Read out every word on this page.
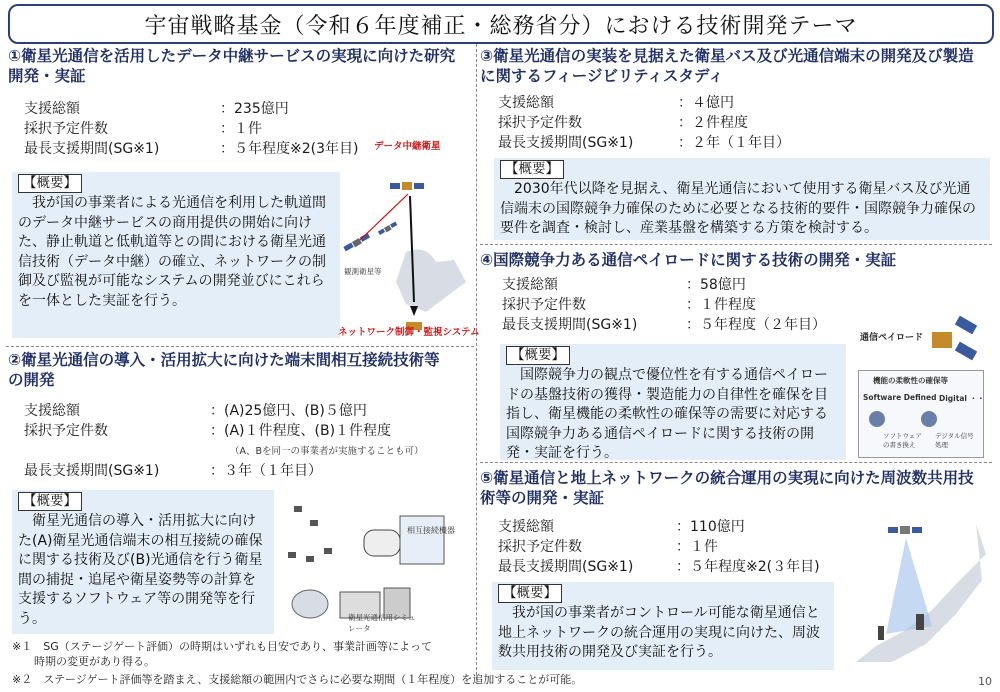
宇宙戦略基金（令和６年度補正・総務省分）における技術開発テーマ

①衛星光通信を活用したデータ中継サービスの実現に向けた研究開発・実証

支援総額	：235億円
採択予定件数	：１件
最長支援期間(SG※1)	：５年程度※2(3年目)
【概要】
我が国の事業者による光通信を利用した軌道間のデータ中継サービスの商用提供の開始に向けた、静止軌道と低軌道等との間における衛星光通信技術（データ中継）の確立、ネットワークの制御及び監視が可能なシステムの開発並びにこれらを一体とした実証を行う。
データ中継衛星
観測衛星等
ネットワーク制御・監視システム

②衛星光通信の導入・活用拡大に向けた端末間相互接続技術等の開発

支援総額	：(A)25億円、(B)５億円
採択予定件数	：(A)１件程度、(B)１件程度
最長支援期間(SG※1)	：３年（１年目）
（A、Bを同一の事業者が実施することも可）
【概要】
衛星光通信の導入・活用拡大に向けた(A)衛星光通信端末の相互接続の確保に関する技術及び(B)光通信を行う衛星間の捕捉・追尾や衛星姿勢等の計算を支援するソフトウェア等の開発等を行う。
相互接続機器
衛星光通信用シミュレータ

③衛星光通信の実装を見据えた衛星バス及び光通信端末の開発及び製造に関するフィージビリティスタディ

支援総額	：４億円
採択予定件数	：２件程度
最長支援期間(SG※1)	：２年（１年目）
【概要】
2030年代以降を見据え、衛星光通信において使用する衛星バス及び光通信端末の国際競争力確保のために必要となる技術的要件・国際競争力確保の要件を調査・検討し、産業基盤を構築する方策を検討する。

④国際競争力ある通信ペイロードに関する技術の開発・実証

支援総額	：58億円
採択予定件数	：１件程度
最長支援期間(SG※1)	：５年程度（２年目）
【概要】
国際競争力の観点で優位性を有する通信ペイロードの基盤技術の獲得・製造能力の自律性を確保を目指し、衛星機能の柔軟性の確保等の需要に対応する国際競争力ある通信ペイロードに関する技術の開発・実証を行う。
通信ペイロード
機能の柔軟性の確保等
Software Defined Digital ・・
ソフトウェアの書き換え
デジタル信号処理

⑤衛星通信と地上ネットワークの統合運用の実現に向けた周波数共用技術等の開発・実証

支援総額	：110億円
採択予定件数	：１件
最長支援期間(SG※1)	：５年程度※2(３年目)
【概要】
我が国の事業者がコントロール可能な衛星通信と地上ネットワークの統合運用の実現に向けた、周波数共用技術の開発及び実証を行う。
※１　SG（ステージゲート評価）の時期はいずれも目安であり、事業計画等によって
　　時期の変更があり得る。
※２　ステージゲート評価等を踏まえ、支援総額の範囲内でさらに必要な期間（１年程度）を追加することが可能。	10
